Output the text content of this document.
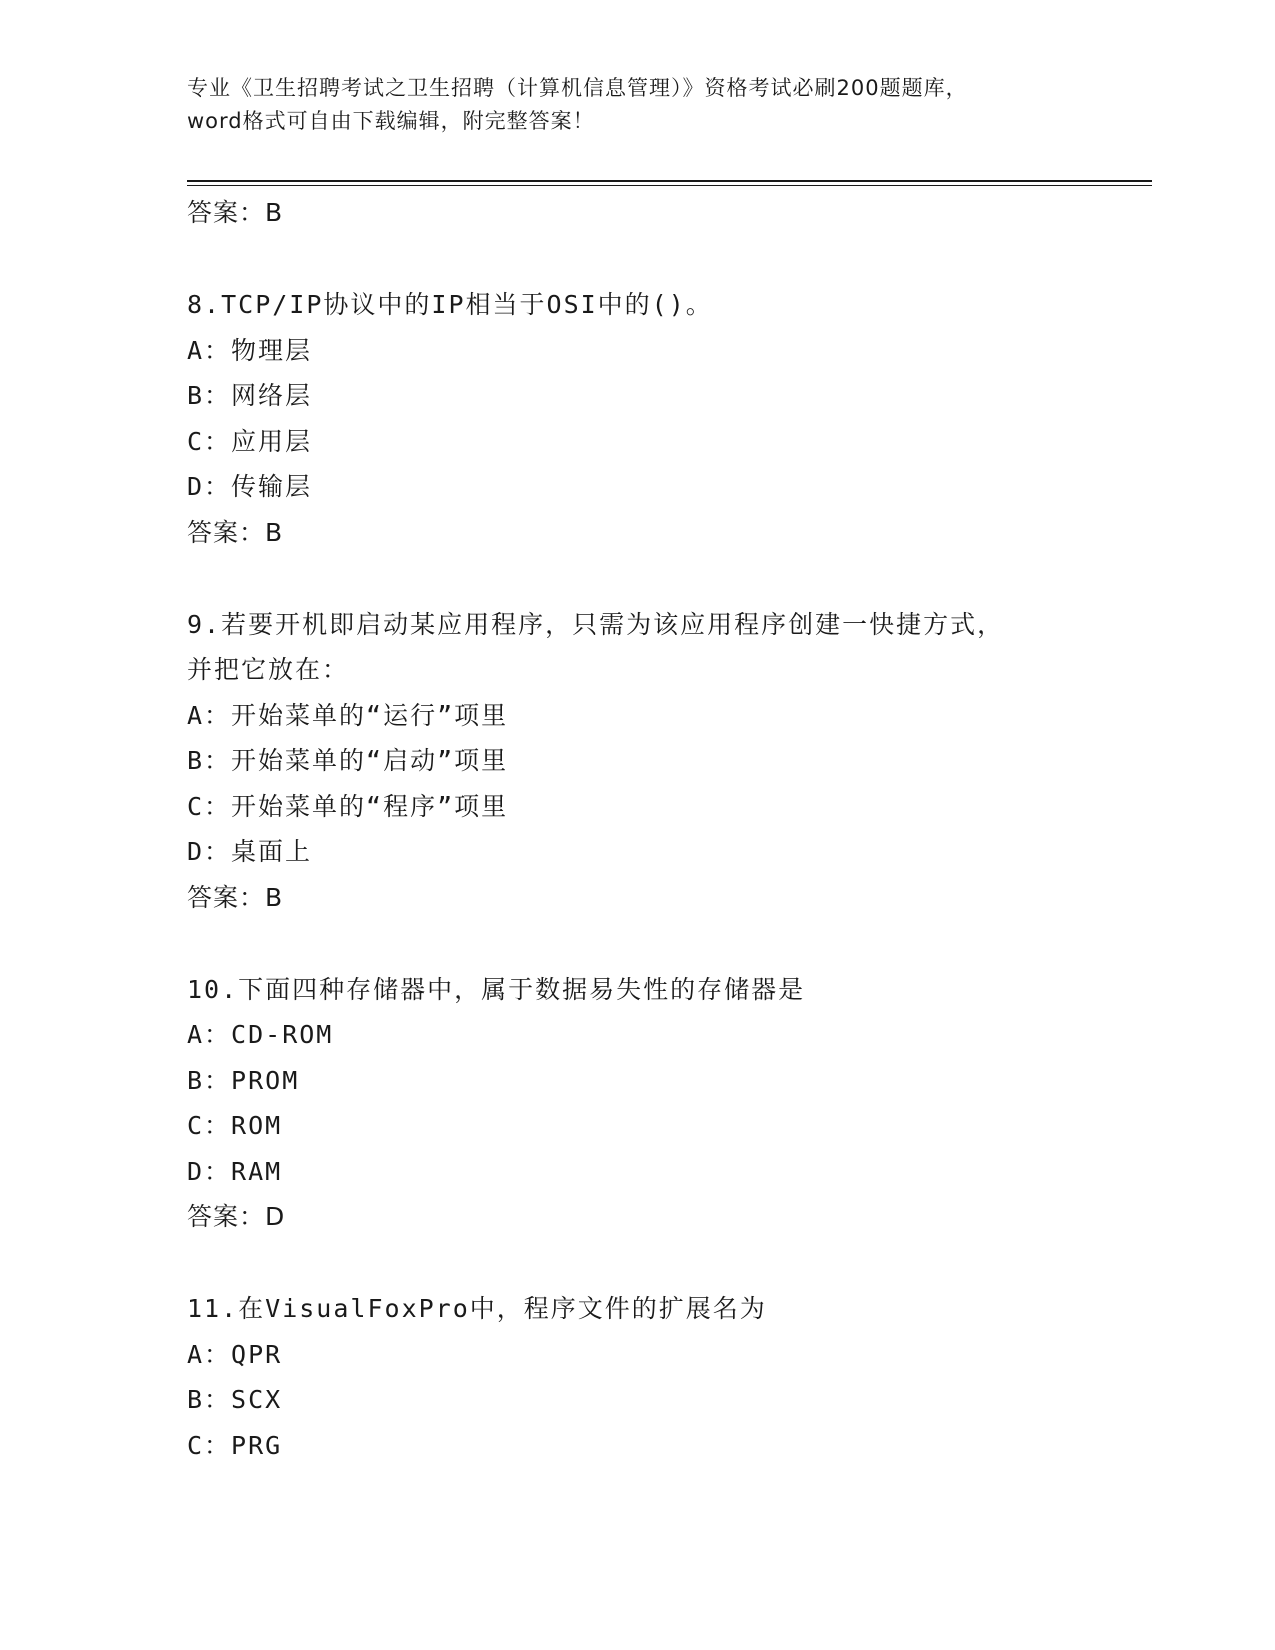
专业《卫生招聘考试之卫生招聘（计算机信息管理）》资格考试必刷200题题库，
word格式可自由下载编辑，附完整答案！

答案：B

8.TCP/IP协议中的IP相当于OSI中的()。

A：物理层

B：网络层

C：应用层

D：传输层

答案：B

9.若要开机即启动某应用程序，只需为该应用程序创建一快捷方式，

并把它放在：

A：开始菜单的“运行”项里

B：开始菜单的“启动”项里

C：开始菜单的“程序”项里

D：桌面上

答案：B

10.下面四种存储器中，属于数据易失性的存储器是

A：CD-ROM

B：PROM

C：ROM

D：RAM

答案：D

11.在VisualFoxPro中，程序文件的扩展名为

A：QPR

B：SCX

C：PRG
